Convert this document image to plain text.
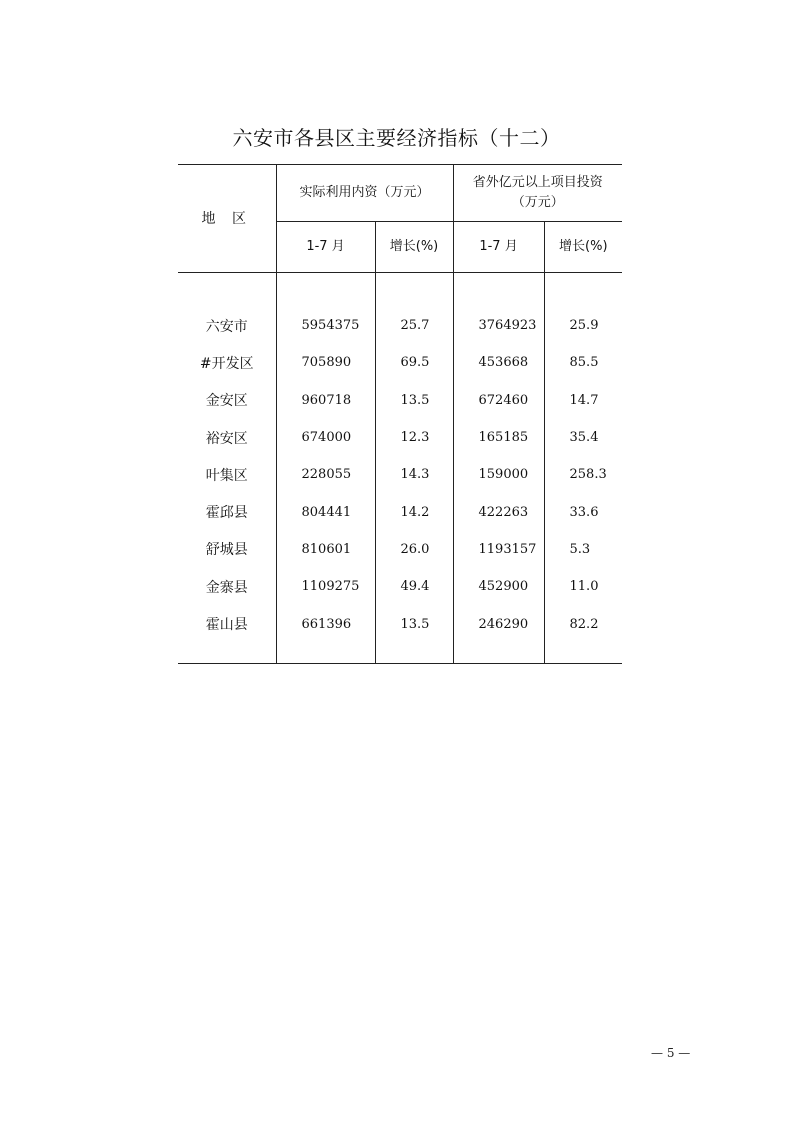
六安市各县区主要经济指标（十二）
地 区	实际利用内资（万元）		省外亿元以上项目投资
（万元）	
	1-7 月	增长(%)	1-7 月	增长(%)

六安市	5954375	25.7	3764923	25.9
#开发区	705890	69.5	453668	85.5
金安区	960718	13.5	672460	14.7
裕安区	674000	12.3	165185	35.4
叶集区	228055	14.3	159000	258.3
霍邱县	804441	14.2	422263	33.6
舒城县	810601	26.0	1193157	5.3
金寨县	1109275	49.4	452900	11.0
霍山县	661396	13.5	246290	82.2

— 5 —
